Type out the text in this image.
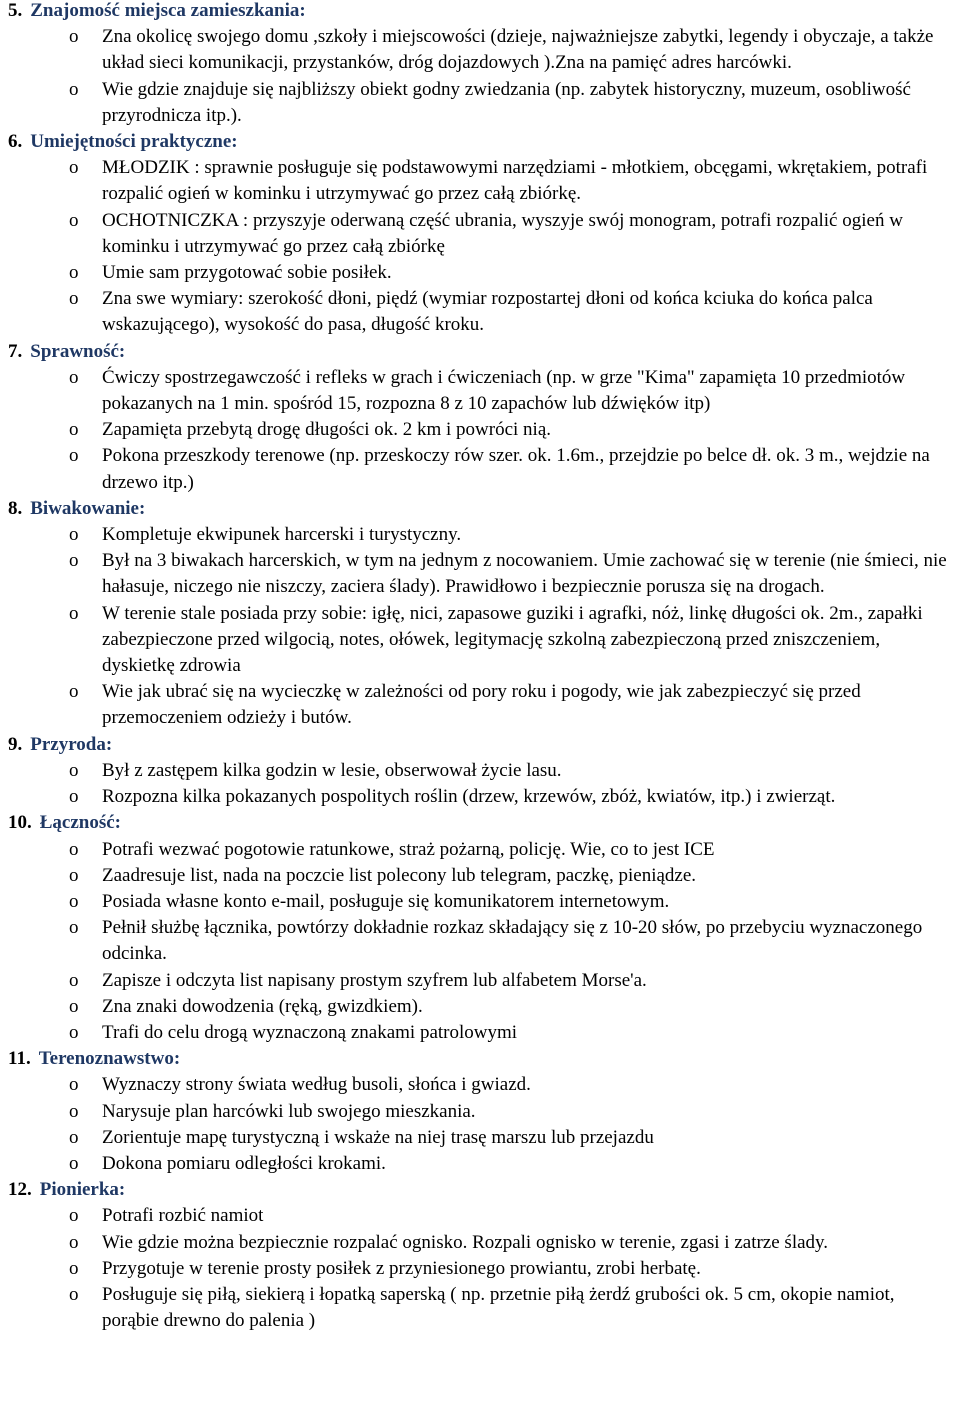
5. Znajomość miejsca zamieszkania:
o Zna okolicę swojego domu ,szkoły i miejscowości (dzieje, najważniejsze zabytki, legendy i obyczaje, a także układ sieci komunikacji, przystanków, dróg dojazdowych ).Zna na pamięć adres harcówki.
o Wie gdzie znajduje się najbliższy obiekt godny zwiedzania (np. zabytek historyczny, muzeum, osobliwość przyrodnicza itp.).
6. Umiejętności praktyczne:
o MŁODZIK : sprawnie posługuje się podstawowymi narzędziami - młotkiem, obcęgami, wkrętakiem, potrafi rozpalić ogień w kominku i utrzymywać go przez całą zbiórkę.
o OCHOTNICZKA : przyszyje oderwaną część ubrania, wyszyje swój monogram, potrafi rozpalić ogień w kominku i utrzymywać go przez całą zbiórkę
o Umie sam przygotować sobie posiłek.
o Zna swe wymiary: szerokość dłoni, piędź (wymiar rozpostartej dłoni od końca kciuka do końca palca wskazującego), wysokość do pasa, długość kroku.
7. Sprawność:
o Ćwiczy spostrzegawczość i refleks w grach i ćwiczeniach (np. w grze "Kima" zapamięta 10 przedmiotów pokazanych na 1 min. spośród 15, rozpozna 8 z 10 zapachów lub dźwięków itp)
o Zapamięta przebytą drogę długości ok. 2 km i powróci nią.
o Pokona przeszkody terenowe (np. przeskoczy rów szer. ok. 1.6m., przejdzie po belce dł. ok. 3 m., wejdzie na drzewo itp.)
8. Biwakowanie:
o Kompletuje ekwipunek harcerski i turystyczny.
o Był na 3 biwakach harcerskich, w tym na jednym z nocowaniem. Umie zachować się w terenie (nie śmieci, nie hałasuje, niczego nie niszczy, zaciera ślady). Prawidłowo i bezpiecznie porusza się na drogach.
o W terenie stale posiada przy sobie: igłę, nici, zapasowe guziki i agrafki, nóż, linkę długości ok. 2m., zapałki zabezpieczone przed wilgocią, notes, ołówek, legitymację szkolną zabezpieczoną przed zniszczeniem, dyskietkę zdrowia
o Wie jak ubrać się na wycieczkę w zależności od pory roku i pogody, wie jak zabezpieczyć się przed przemoczeniem odzieży i butów.
9. Przyroda:
o Był z zastępem kilka godzin w lesie, obserwował życie lasu.
o Rozpozna kilka pokazanych pospolitych roślin (drzew, krzewów, zbóż, kwiatów, itp.) i zwierząt.
10. Łączność:
o Potrafi wezwać pogotowie ratunkowe, straż pożarną, policję. Wie, co to jest ICE
o Zaadresuje list, nada na poczcie list polecony lub telegram, paczkę, pieniądze.
o Posiada własne konto e-mail, posługuje się komunikatorem internetowym.
o Pełnił służbę łącznika, powtórzy dokładnie rozkaz składający się z 10-20 słów, po przebyciu wyznaczonego odcinka.
o Zapisze i odczyta list napisany prostym szyfrem lub alfabetem Morse'a.
o Zna znaki dowodzenia (ręką, gwizdkiem).
o Trafi do celu drogą wyznaczoną znakami patrolowymi
11. Terenoznawstwo:
o Wyznaczy strony świata według busoli, słońca i gwiazd.
o Narysuje plan harcówki lub swojego mieszkania.
o Zorientuje mapę turystyczną i wskaże na niej trasę marszu lub przejazdu
o Dokona pomiaru odległości krokami.
12. Pionierka:
o Potrafi rozbić namiot
o Wie gdzie można bezpiecznie rozpalać ognisko. Rozpali ognisko w terenie, zgasi i zatrze ślady.
o Przygotuje w terenie prosty posiłek z przyniesionego prowiantu, zrobi herbatę.
o Posługuje się piłą, siekierą i łopatką saperską ( np. przetnie piłą żerdź grubości ok. 5 cm, okopie namiot, porąbie drewno do palenia )
